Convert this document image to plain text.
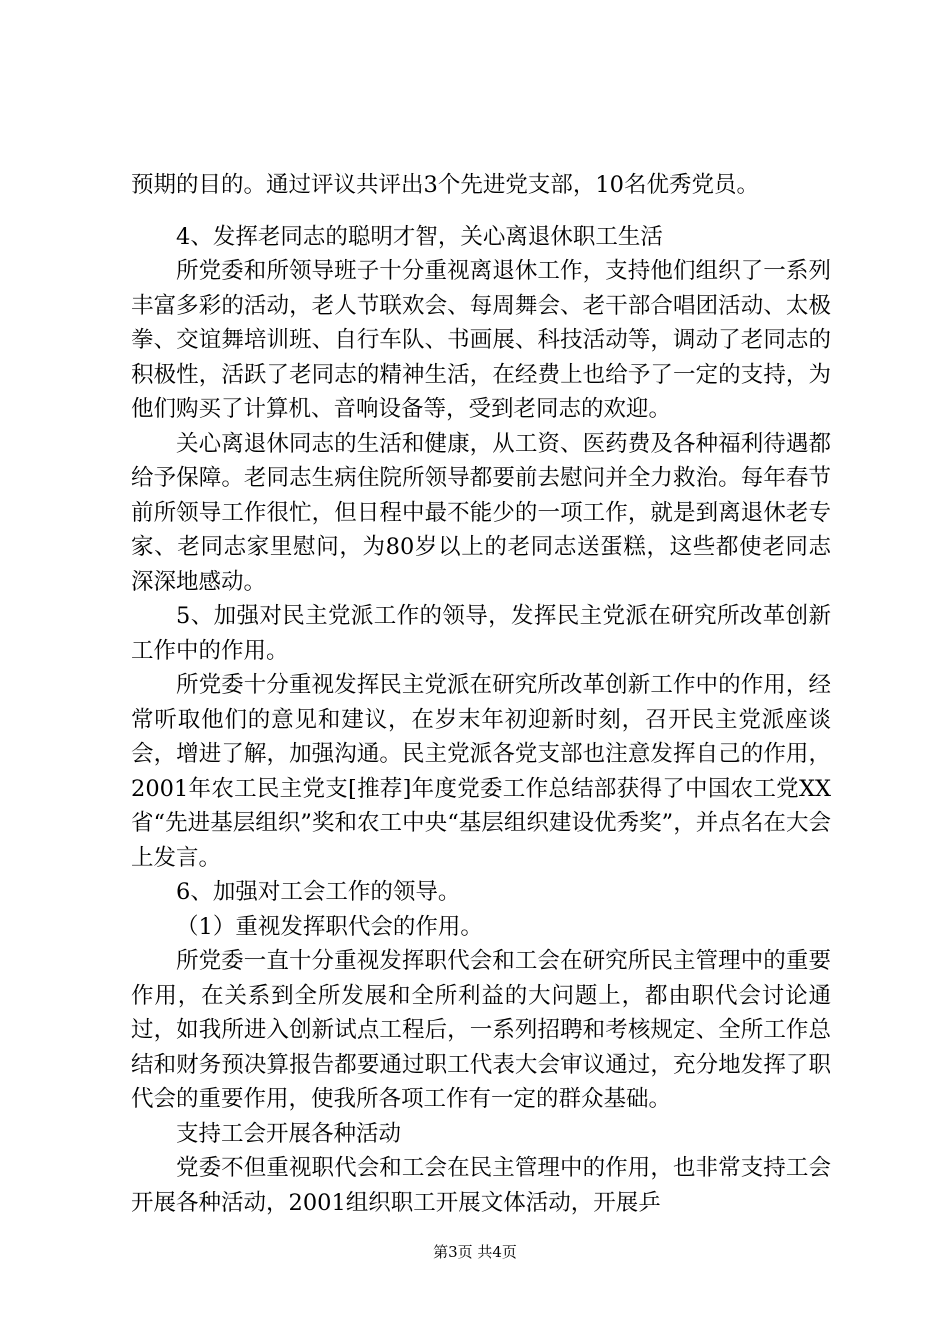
预期的目的。通过评议共评出3个先进党支部，10名优秀党员。

4、发挥老同志的聪明才智，关心离退休职工生活

所党委和所领导班子十分重视离退休工作，支持他们组织了一系列丰富多彩的活动，老人节联欢会、每周舞会、老干部合唱团活动、太极拳、交谊舞培训班、自行车队、书画展、科技活动等，调动了老同志的积极性，活跃了老同志的精神生活，在经费上也给予了一定的支持，为他们购买了计算机、音响设备等，受到老同志的欢迎。

关心离退休同志的生活和健康，从工资、医药费及各种福利待遇都给予保障。老同志生病住院所领导都要前去慰问并全力救治。每年春节前所领导工作很忙，但日程中最不能少的一项工作，就是到离退休老专家、老同志家里慰问，为80岁以上的老同志送蛋糕，这些都使老同志深深地感动。

5、加强对民主党派工作的领导，发挥民主党派在研究所改革创新工作中的作用。

所党委十分重视发挥民主党派在研究所改革创新工作中的作用，经常听取他们的意见和建议，在岁末年初迎新时刻，召开民主党派座谈会，增进了解，加强沟通。民主党派各党支部也注意发挥自己的作用，2001年农工民主党支[推荐]年度党委工作总结部获得了中国农工党XX省“先进基层组织”奖和农工中央“基层组织建设优秀奖”，并点名在大会上发言。

6、加强对工会工作的领导。

（1）重视发挥职代会的作用。

所党委一直十分重视发挥职代会和工会在研究所民主管理中的重要作用，在关系到全所发展和全所利益的大问题上，都由职代会讨论通过，如我所进入创新试点工程后，一系列招聘和考核规定、全所工作总结和财务预决算报告都要通过职工代表大会审议通过，充分地发挥了职代会的重要作用，使我所各项工作有一定的群众基础。

支持工会开展各种活动

党委不但重视职代会和工会在民主管理中的作用，也非常支持工会开展各种活动，2001组织职工开展文体活动，开展乒

第3页 共4页
